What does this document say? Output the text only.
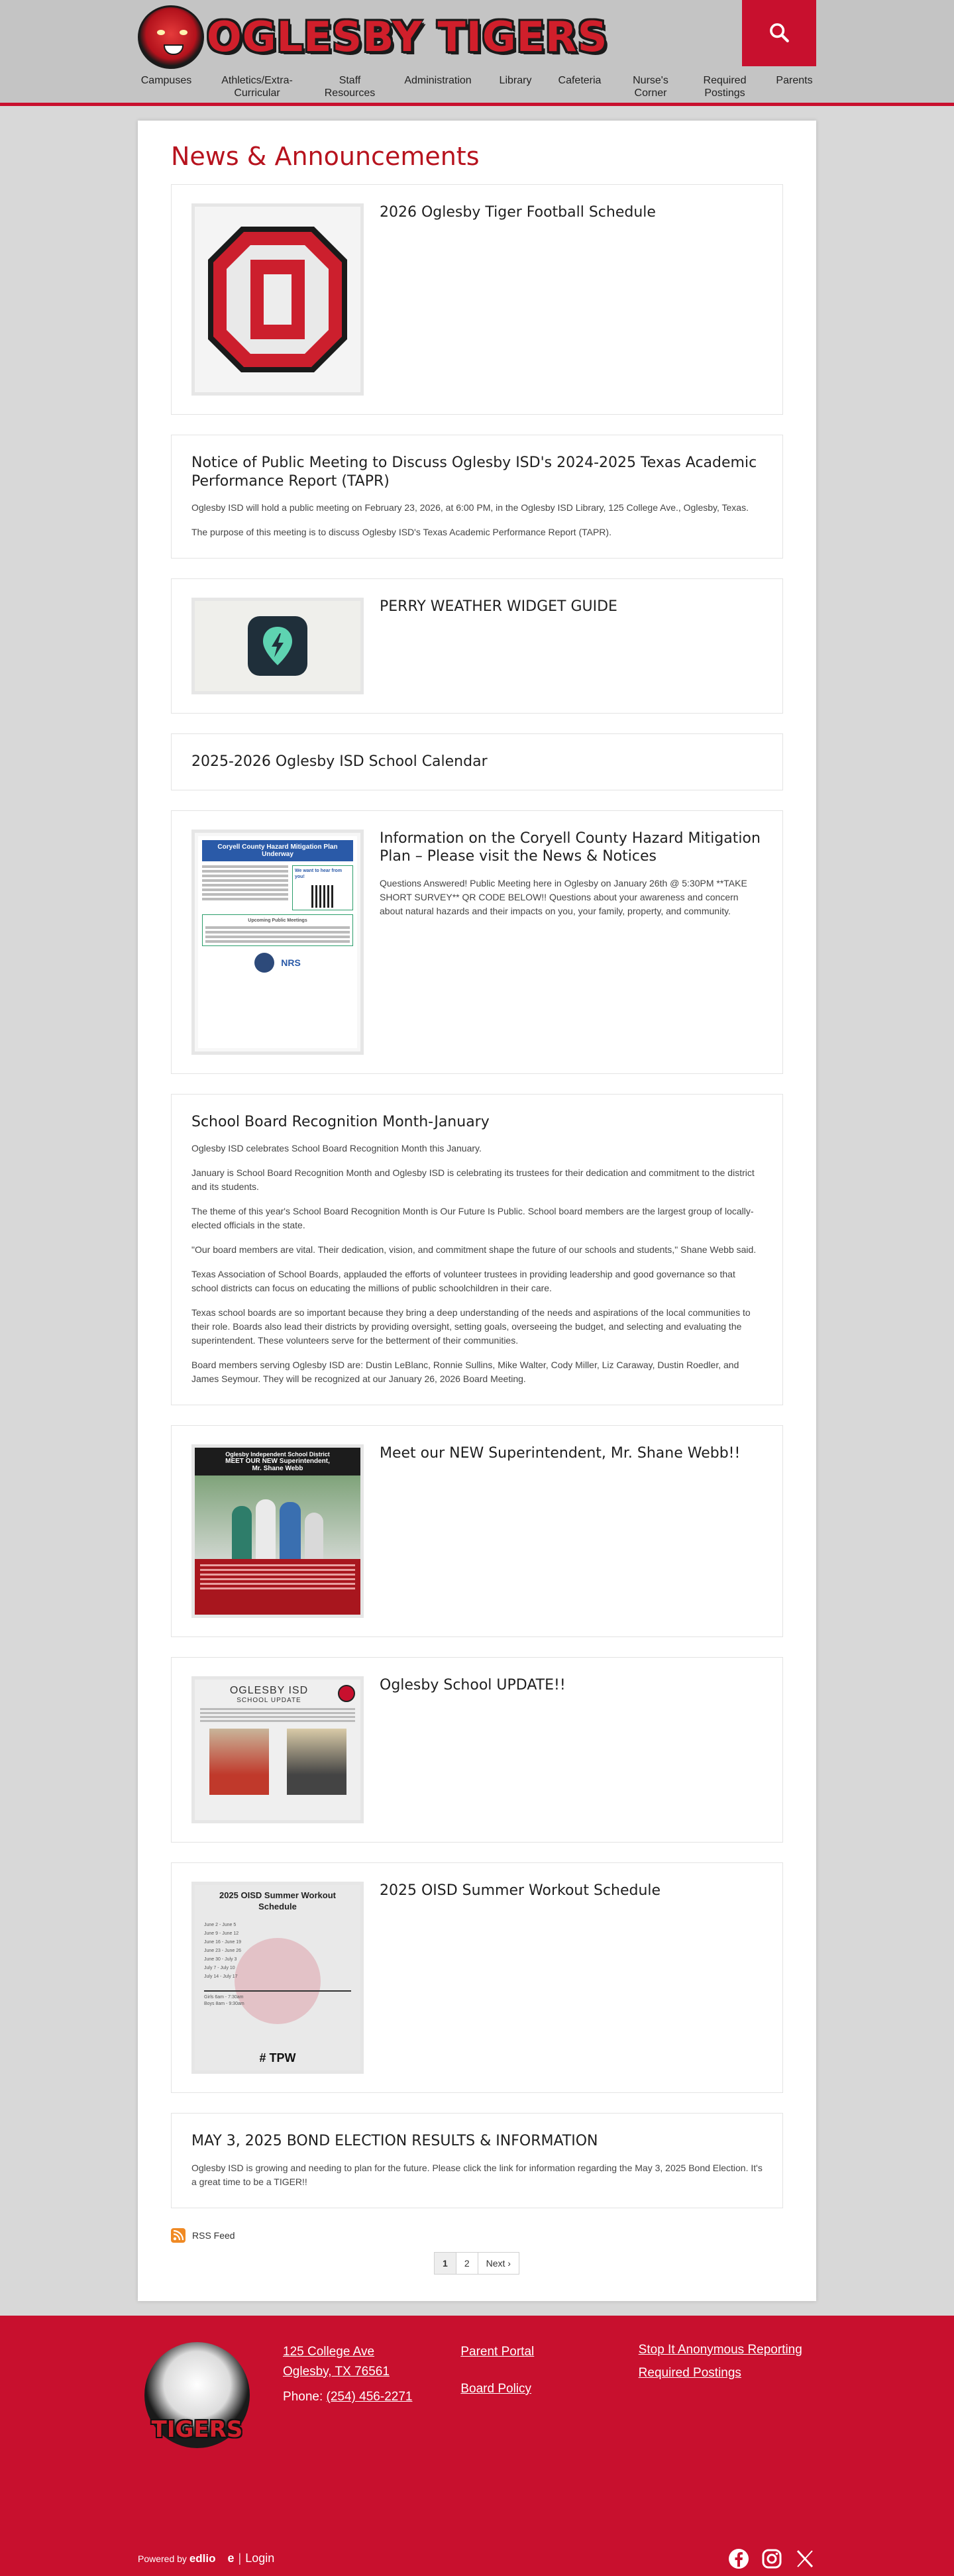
OGLESBY TIGERS
Campuses	Athletics/Extra-Curricular
Staff Resources
Administration	Library	Cafeteria	Nurse's Corner
Required Postings
Parents
News & Announcements
2026 Oglesby Tiger Football Schedule
Notice of Public Meeting to Discuss Oglesby ISD's 2024-2025 Texas Academic Performance Report (TAPR)

Oglesby ISD will hold a public meeting on February 23, 2026, at 6:00 PM, in the Oglesby ISD Library, 125 College Ave., Oglesby, Texas.

The purpose of this meeting is to discuss Oglesby ISD's Texas Academic Performance Report (TAPR).

PERRY WEATHER WIDGET GUIDE
2025-2026 Oglesby ISD School Calendar
Coryell County Hazard Mitigation Plan Underway
We want to hear from you!
Upcoming Public Meetings
NRS
Information on the Coryell County Hazard Mitigation Plan – Please visit the News & Notices

Questions Answered! Public Meeting here in Oglesby on January 26th @ 5:30PM **TAKE SHORT SURVEY** QR CODE BELOW!! Questions about your awareness and concern about natural hazards and their impacts on you, your family, property, and community.

School Board Recognition Month-January

Oglesby ISD celebrates School Board Recognition Month this January.

January is School Board Recognition Month and Oglesby ISD is celebrating its trustees for their dedication and commitment to the district and its students.

The theme of this year's School Board Recognition Month is Our Future Is Public. School board members are the largest group of locally-elected officials in the state.

"Our board members are vital. Their dedication, vision, and commitment shape the future of our schools and students," Shane Webb said.

Texas Association of School Boards, applauded the efforts of volunteer trustees in providing leadership and good governance so that school districts can focus on educating the millions of public schoolchildren in their care.

Texas school boards are so important because they bring a deep understanding of the needs and aspirations of the local communities to their role. Boards also lead their districts by providing oversight, setting goals, overseeing the budget, and selecting and evaluating the superintendent. These volunteers serve for the betterment of their communities.

Board members serving Oglesby ISD are: Dustin LeBlanc, Ronnie Sullins, Mike Walter, Cody Miller, Liz Caraway, Dustin Roedler, and James Seymour. They will be recognized at our January 26, 2026 Board Meeting.

Oglesby Independent School District
MEET OUR NEW Superintendent,
Mr. Shane Webb
Meet our NEW Superintendent, Mr. Shane Webb!!
OGLESBY ISD
SCHOOL UPDATE
Oglesby School UPDATE!!
2025 OISD Summer Workout Schedule
June 2 - June 5
June 9 - June 12
June 16 - June 19
June 23 - June 26
June 30 - July 3
July 7 - July 10
July 14 - July 17
Girls 6am - 7:30am
Boys 8am - 9:30am
# TPW
2025 OISD Summer Workout Schedule
MAY 3, 2025 BOND ELECTION RESULTS & INFORMATION

Oglesby ISD is growing and needing to plan for the future. Please click the link for information regarding the May 3, 2025 Bond Election. It's a great time to be a TIGER!!

RSS Feed
1	2	Next ›
TIGERS
125 College Ave
Oglesby, TX 76561
Phone: (254) 456-2271
Parent Portal
Board Policy
Stop It Anonymous Reporting
Required Postings
Powered by edlio e | Login
